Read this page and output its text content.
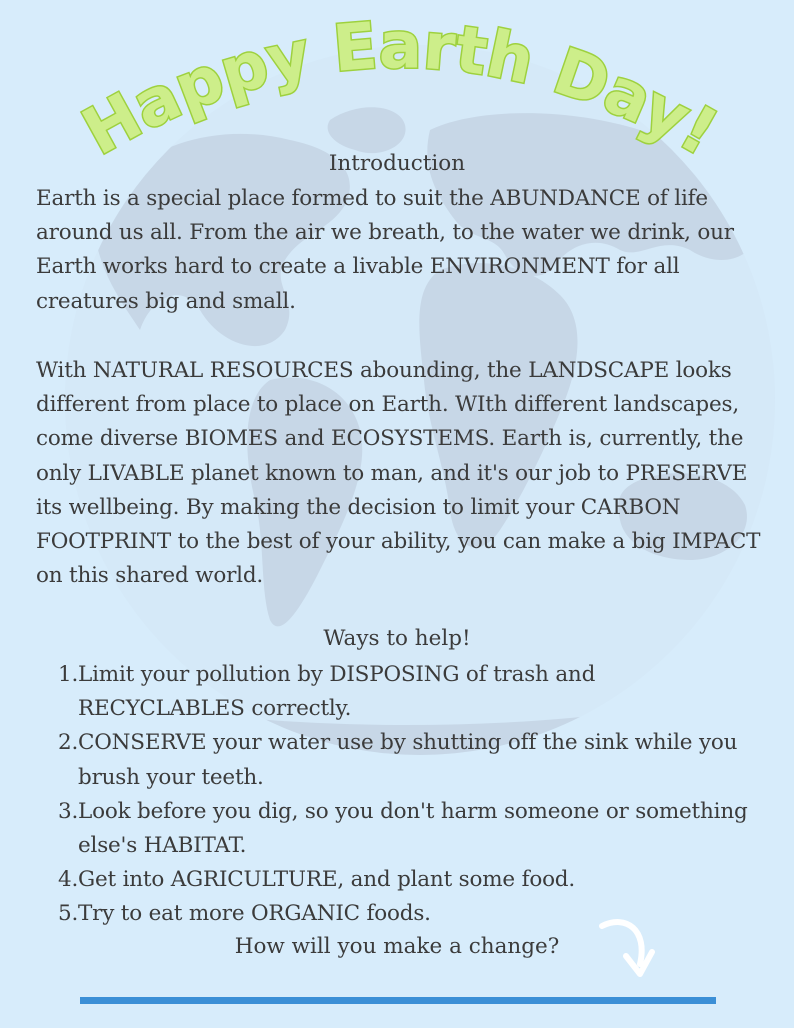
Happy Earth Day!
Introduction
Earth is a special place formed to suit the ABUNDANCE of life around us all. From the air we breath, to the water we drink, our Earth works hard to create a livable ENVIRONMENT for all creatures big and small.
With NATURAL RESOURCES abounding, the LANDSCAPE looks different from place to place on Earth. WIth different landscapes, come diverse BIOMES and ECOSYSTEMS. Earth is, currently, the only LIVABLE planet known to man, and it's our job to PRESERVE its wellbeing. By making the decision to limit your CARBON FOOTPRINT to the best of your ability, you can make a big IMPACT on this shared world.
Ways to help!
1. Limit your pollution by DISPOSING of trash and RECYCLABLES correctly.
2. CONSERVE your water use by shutting off the sink while you brush your teeth.
3. Look before you dig, so you don't harm someone or something else's HABITAT.
4. Get into AGRICULTURE, and plant some food.
5. Try to eat more ORGANIC foods.
How will you make a change?
